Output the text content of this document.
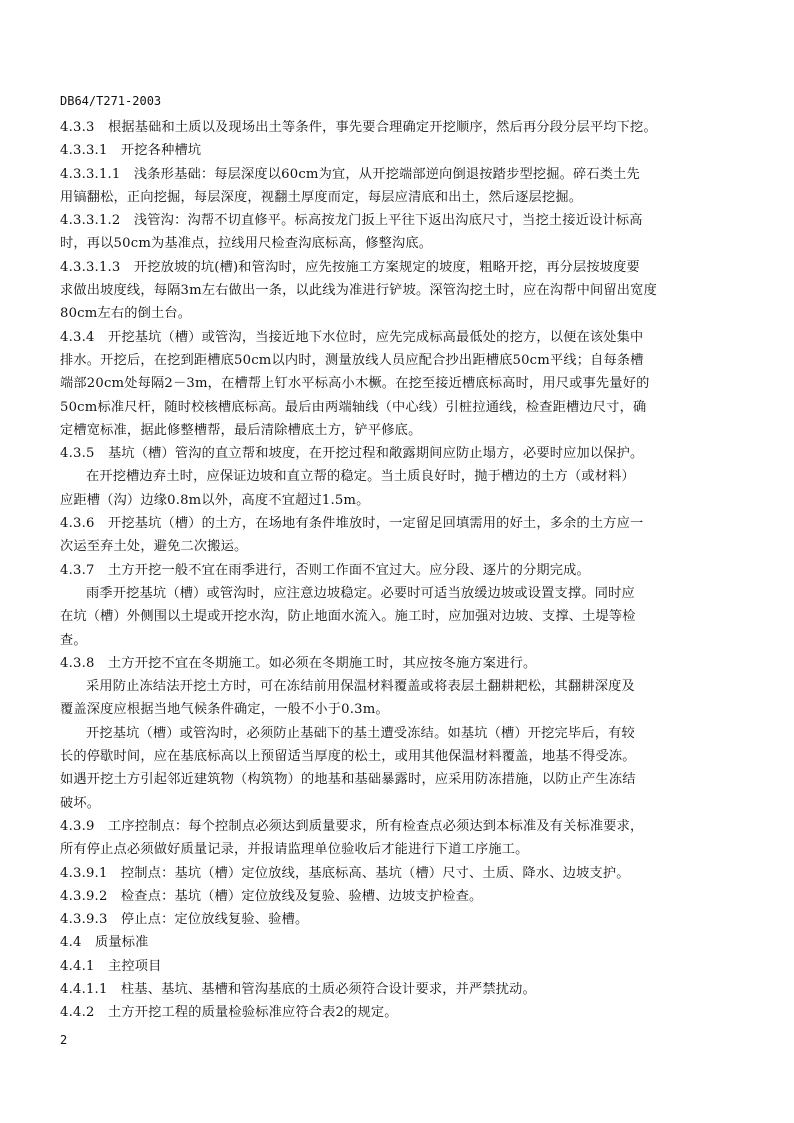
DB64/T271-2003
4.3.3　根据基础和土质以及现场出土等条件，事先要合理确定开挖顺序，然后再分段分层平均下挖。
4.3.3.1　开挖各种槽坑
4.3.3.1.1　浅条形基础：每层深度以60cm为宜，从开挖端部逆向倒退按踏步型挖掘。碎石类土先
用镐翻松，正向挖掘，每层深度，视翻土厚度而定，每层应清底和出土，然后逐层挖掘。
4.3.3.1.2　浅管沟：沟帮不切直修平。标高按龙门扳上平往下返出沟底尺寸，当挖土接近设计标高
时，再以50cm为基准点，拉线用尺检查沟底标高，修整沟底。
4.3.3.1.3　开挖放坡的坑(槽)和管沟时，应先按施工方案规定的坡度，粗略开挖，再分层按坡度要
求做出坡度线，每隔3m左右做出一条，以此线为准进行铲坡。深管沟挖土时，应在沟帮中间留出宽度
80cm左右的倒土台。
4.3.4　开挖基坑（槽）或管沟，当接近地下水位时，应先完成标高最低处的挖方，以便在该处集中
排水。开挖后，在挖到距槽底50cm以内时，测量放线人员应配合抄出距槽底50cm平线；自每条槽
端部20cm处每隔2－3m，在槽帮上钉水平标高小木橛。在挖至接近槽底标高时，用尺或事先量好的
50cm标准尺杆，随时校核槽底标高。最后由两端轴线（中心线）引桩拉通线，检查距槽边尺寸，确
定槽宽标准，据此修整槽帮，最后清除槽底土方，铲平修底。
4.3.5　基坑（槽）管沟的直立帮和坡度，在开挖过程和敞露期间应防止塌方，必要时应加以保护。
在开挖槽边弃土时，应保证边坡和直立帮的稳定。当土质良好时，抛于槽边的土方（或材料）
应距槽（沟）边缘0.8m以外，高度不宜超过1.5m。
4.3.6　开挖基坑（槽）的土方，在场地有条件堆放时，一定留足回填需用的好土，多余的土方应一
次运至弃土处，避免二次搬运。
4.3.7　土方开挖一般不宜在雨季进行，否则工作面不宜过大。应分段、逐片的分期完成。
雨季开挖基坑（槽）或管沟时，应注意边坡稳定。必要时可适当放缓边坡或设置支撑。同时应
在坑（槽）外侧围以土堤或开挖水沟，防止地面水流入。施工时，应加强对边坡、支撑、土堤等检
查。
4.3.8　土方开挖不宜在冬期施工。如必须在冬期施工时，其应按冬施方案进行。
采用防止冻结法开挖土方时，可在冻结前用保温材料覆盖或将表层土翻耕耙松，其翻耕深度及
覆盖深度应根据当地气候条件确定，一般不小于0.3m。
开挖基坑（槽）或管沟时，必须防止基础下的基土遭受冻结。如基坑（槽）开挖完毕后，有较
长的停歇时间，应在基底标高以上预留适当厚度的松土，或用其他保温材料覆盖，地基不得受冻。
如遇开挖土方引起邻近建筑物（构筑物）的地基和基础暴露时，应采用防冻措施，以防止产生冻结
破坏。
4.3.9　工序控制点：每个控制点必须达到质量要求，所有检查点必须达到本标准及有关标准要求，
所有停止点必须做好质量记录，并报请监理单位验收后才能进行下道工序施工。
4.3.9.1　控制点：基坑（槽）定位放线，基底标高、基坑（槽）尺寸、土质、降水、边坡支护。
4.3.9.2　检查点：基坑（槽）定位放线及复验、验槽、边坡支护检查。
4.3.9.3　停止点：定位放线复验、验槽。
4.4　质量标准
4.4.1　主控项目
4.4.1.1　柱基、基坑、基槽和管沟基底的土质必须符合设计要求，并严禁扰动。
4.4.2　土方开挖工程的质量检验标准应符合表2的规定。
2
